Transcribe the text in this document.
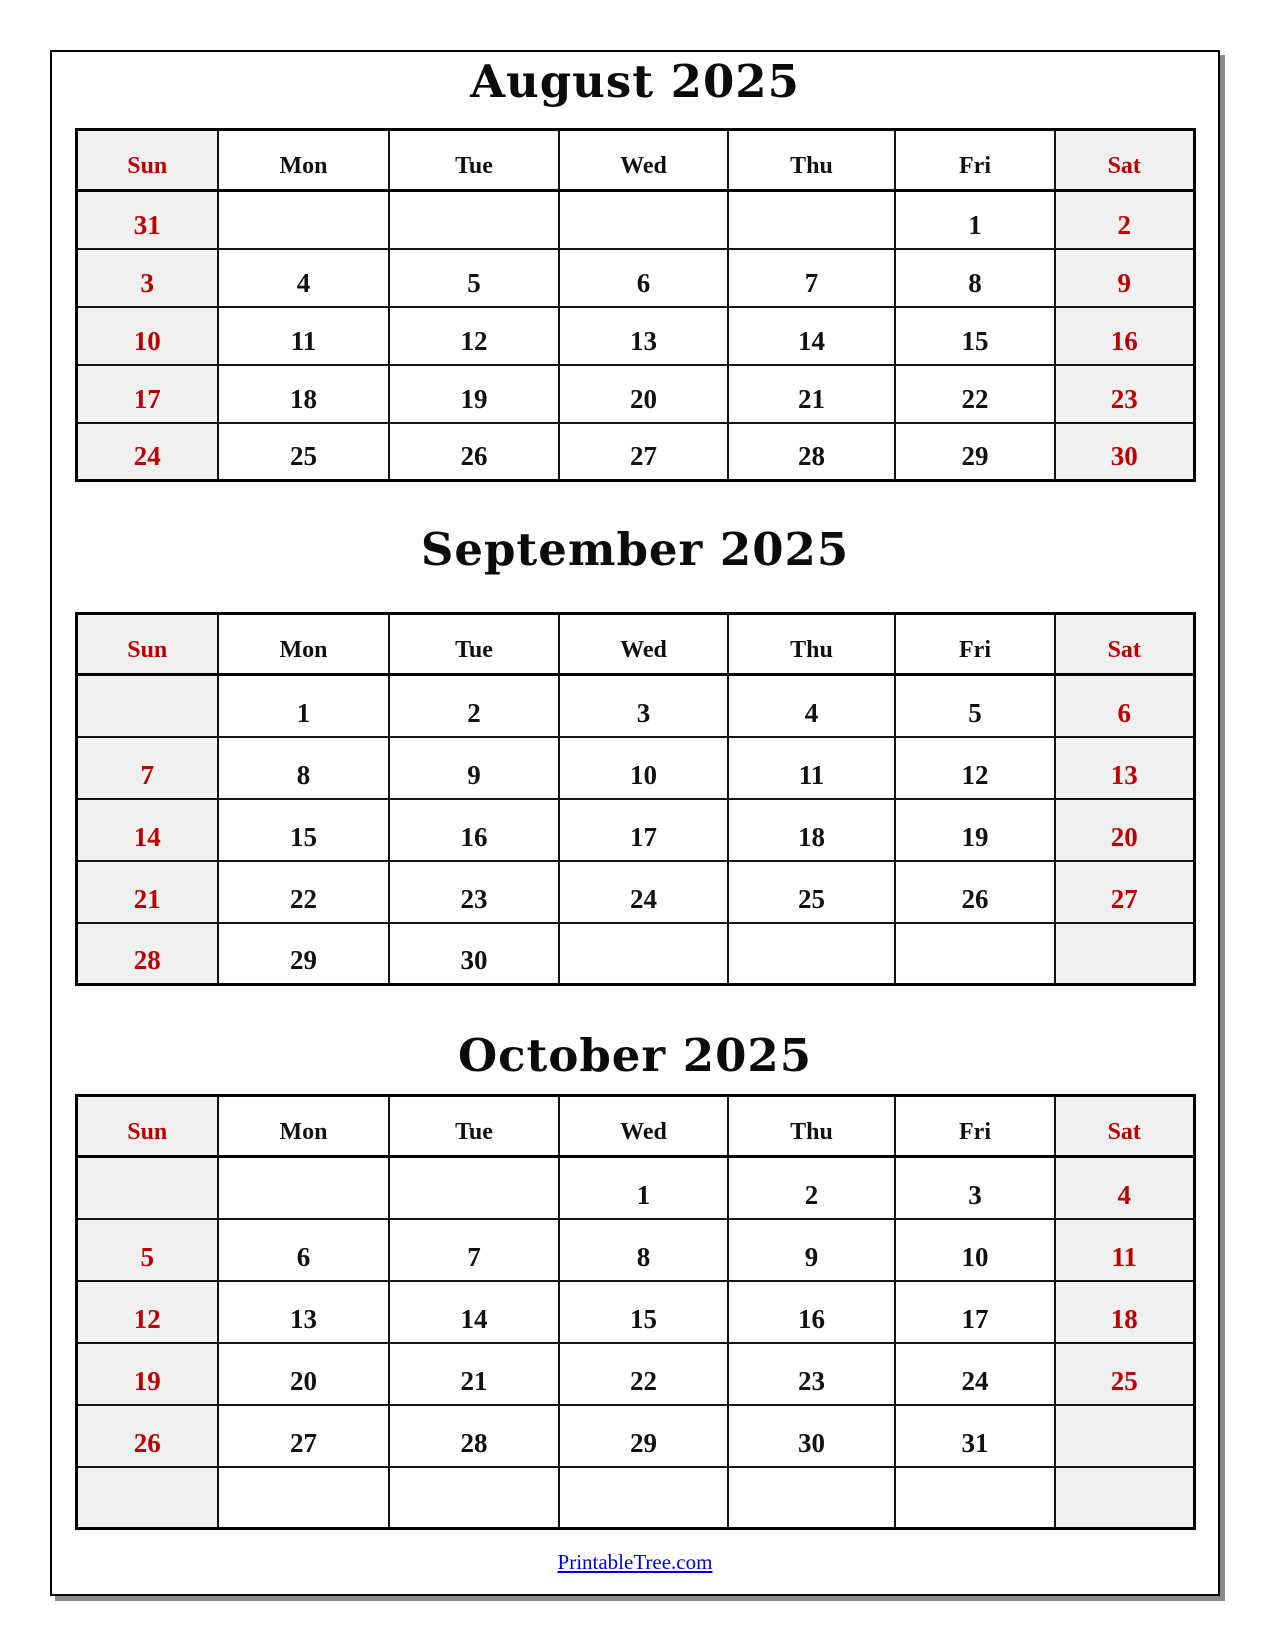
August 2025
Sun	Mon	Tue	Wed	Thu	Fri	Sat
31					1	2
3	4	5	6	7	8	9
10	11	12	13	14	15	16
17	18	19	20	21	22	23
24	25	26	27	28	29	30
September 2025
Sun	Mon	Tue	Wed	Thu	Fri	Sat
	1	2	3	4	5	6
7	8	9	10	11	12	13
14	15	16	17	18	19	20
21	22	23	24	25	26	27
28	29	30				
October 2025
Sun	Mon	Tue	Wed	Thu	Fri	Sat
			1	2	3	4
5	6	7	8	9	10	11
12	13	14	15	16	17	18
19	20	21	22	23	24	25
26	27	28	29	30	31	

PrintableTree.com
